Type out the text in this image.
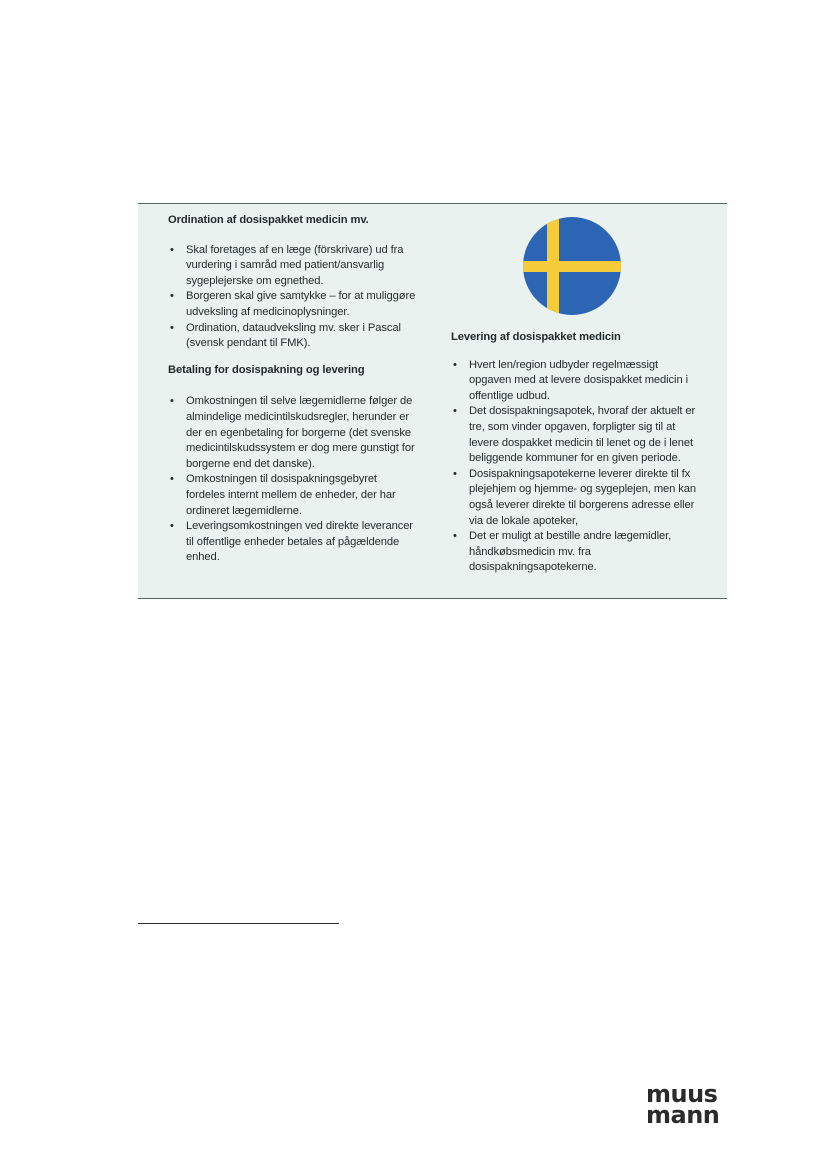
Ordination af dosispakket medicin mv.
• Skal foretages af en læge (förskrivare) ud fra vurdering i samråd med patient/ansvarlig sygeplejerske om egnethed.
• Borgeren skal give samtykke – for at muliggøre udveksling af medicinoplysninger.
• Ordination, dataudveksling mv. sker i Pascal (svensk pendant til FMK).
Betaling for dosispakning og levering
• Omkostningen til selve lægemidlerne følger de almindelige medicintilskudsregler, herunder er der en egenbetaling for borgerne (det svenske medicintilskudssystem er dog mere gunstigt for borgerne end det danske).
• Omkostningen til dosispakningsgebyret fordeles internt mellem de enheder, der har ordineret lægemidlerne.
• Leveringsomkostningen ved direkte leverancer til offentlige enheder betales af pågældende enhed.
Levering af dosispakket medicin
• Hvert len/region udbyder regelmæssigt opgaven med at levere dosispakket medicin i offentlige udbud.
• Det dosispakningsapotek, hvoraf der aktuelt er tre, som vinder opgaven, forpligter sig til at levere dospakket medicin til lenet og de i lenet beliggende kommuner for en given periode.
• Dosispakningsapotekerne leverer direkte til fx plejehjem og hjemme- og sygeplejen, men kan også leverer direkte til borgerens adresse eller via de lokale apoteker,
• Det er muligt at bestille andre lægemidler, håndkøbsmedicin mv. fra dosispakningsapotekerne.
muus
mann
